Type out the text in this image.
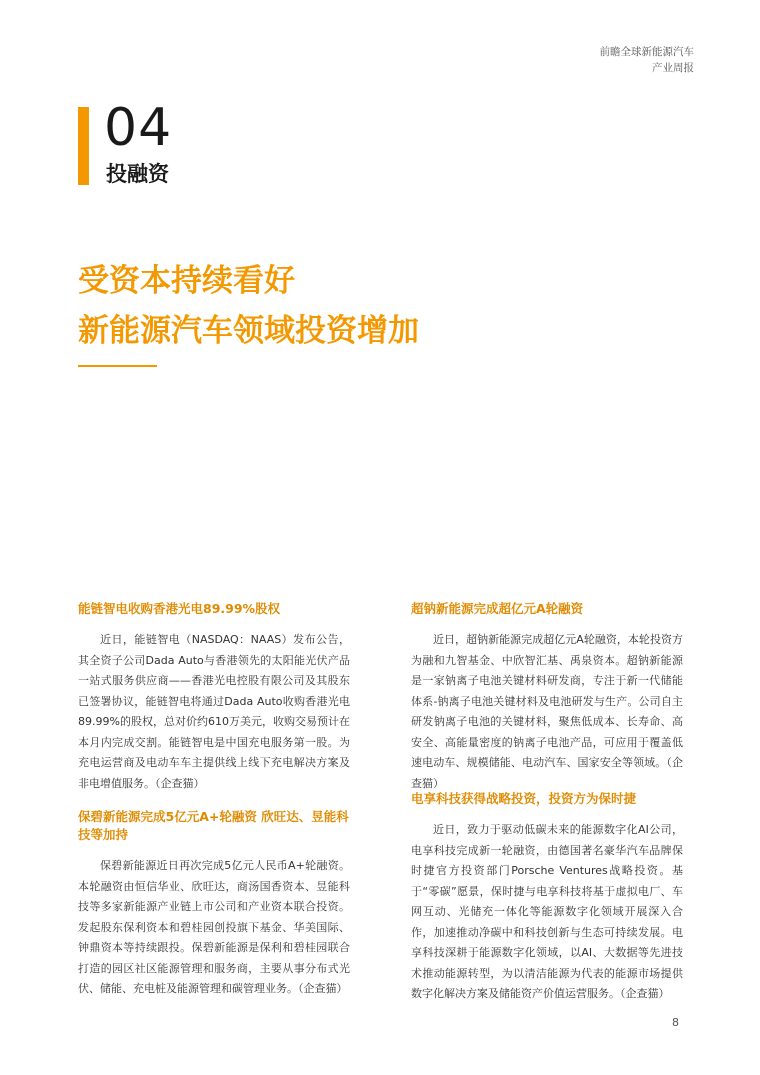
前瞻全球新能源汽车
产业周报
04
投融资
受资本持续看好
新能源汽车领域投资增加
能链智电收购香港光电89.99%股权

近日，能链智电（NASDAQ：NAAS）发布公告，其全资子公司Dada Auto与香港领先的太阳能光伏产品一站式服务供应商——香港光电控股有限公司及其股东已签署协议，能链智电将通过Dada Auto收购香港光电89.99%的股权，总对价约610万美元，收购交易预计在本月内完成交割。能链智电是中国充电服务第一股。为充电运营商及电动车车主提供线上线下充电解决方案及非电增值服务。（企查猫）

保碧新能源完成5亿元A+轮融资 欣旺达、昱能科技等加持

保碧新能源近日再次完成5亿元人民币A+轮融资。本轮融资由恒信华业、欣旺达，商汤国香资本、昱能科技等多家新能源产业链上市公司和产业资本联合投资。发起股东保利资本和碧桂园创投旗下基金、华美国际、钟鼎资本等持续跟投。保碧新能源是保利和碧桂园联合打造的园区社区能源管理和服务商，主要从事分布式光伏、储能、充电桩及能源管理和碳管理业务。（企查猫）

超钠新能源完成超亿元A轮融资

近日，超钠新能源完成超亿元A轮融资，本轮投资方为融和九智基金、中欣智汇基、禹泉资本。超钠新能源是一家钠离子电池关键材料研发商，专注于新一代储能体系-钠离子电池关键材料及电池研发与生产。公司自主研发钠离子电池的关键材料，聚焦低成本、长寿命、高安全、高能量密度的钠离子电池产品，可应用于覆盖低速电动车、规模储能、电动汽车、国家安全等领域。（企查猫）

电享科技获得战略投资，投资方为保时捷

近日，致力于驱动低碳未来的能源数字化AI公司，电享科技完成新一轮融资，由德国著名豪华汽车品牌保时捷官方投资部门Porsche Ventures战略投资。基于“零碳”愿景，保时捷与电享科技将基于虚拟电厂、车网互动、光储充一体化等能源数字化领域开展深入合作，加速推动净碳中和科技创新与生态可持续发展。电享科技深耕于能源数字化领域，以AI、大数据等先进技术推动能源转型，为以清洁能源为代表的能源市场提供数字化解决方案及储能资产价值运营服务。（企查猫）

8
